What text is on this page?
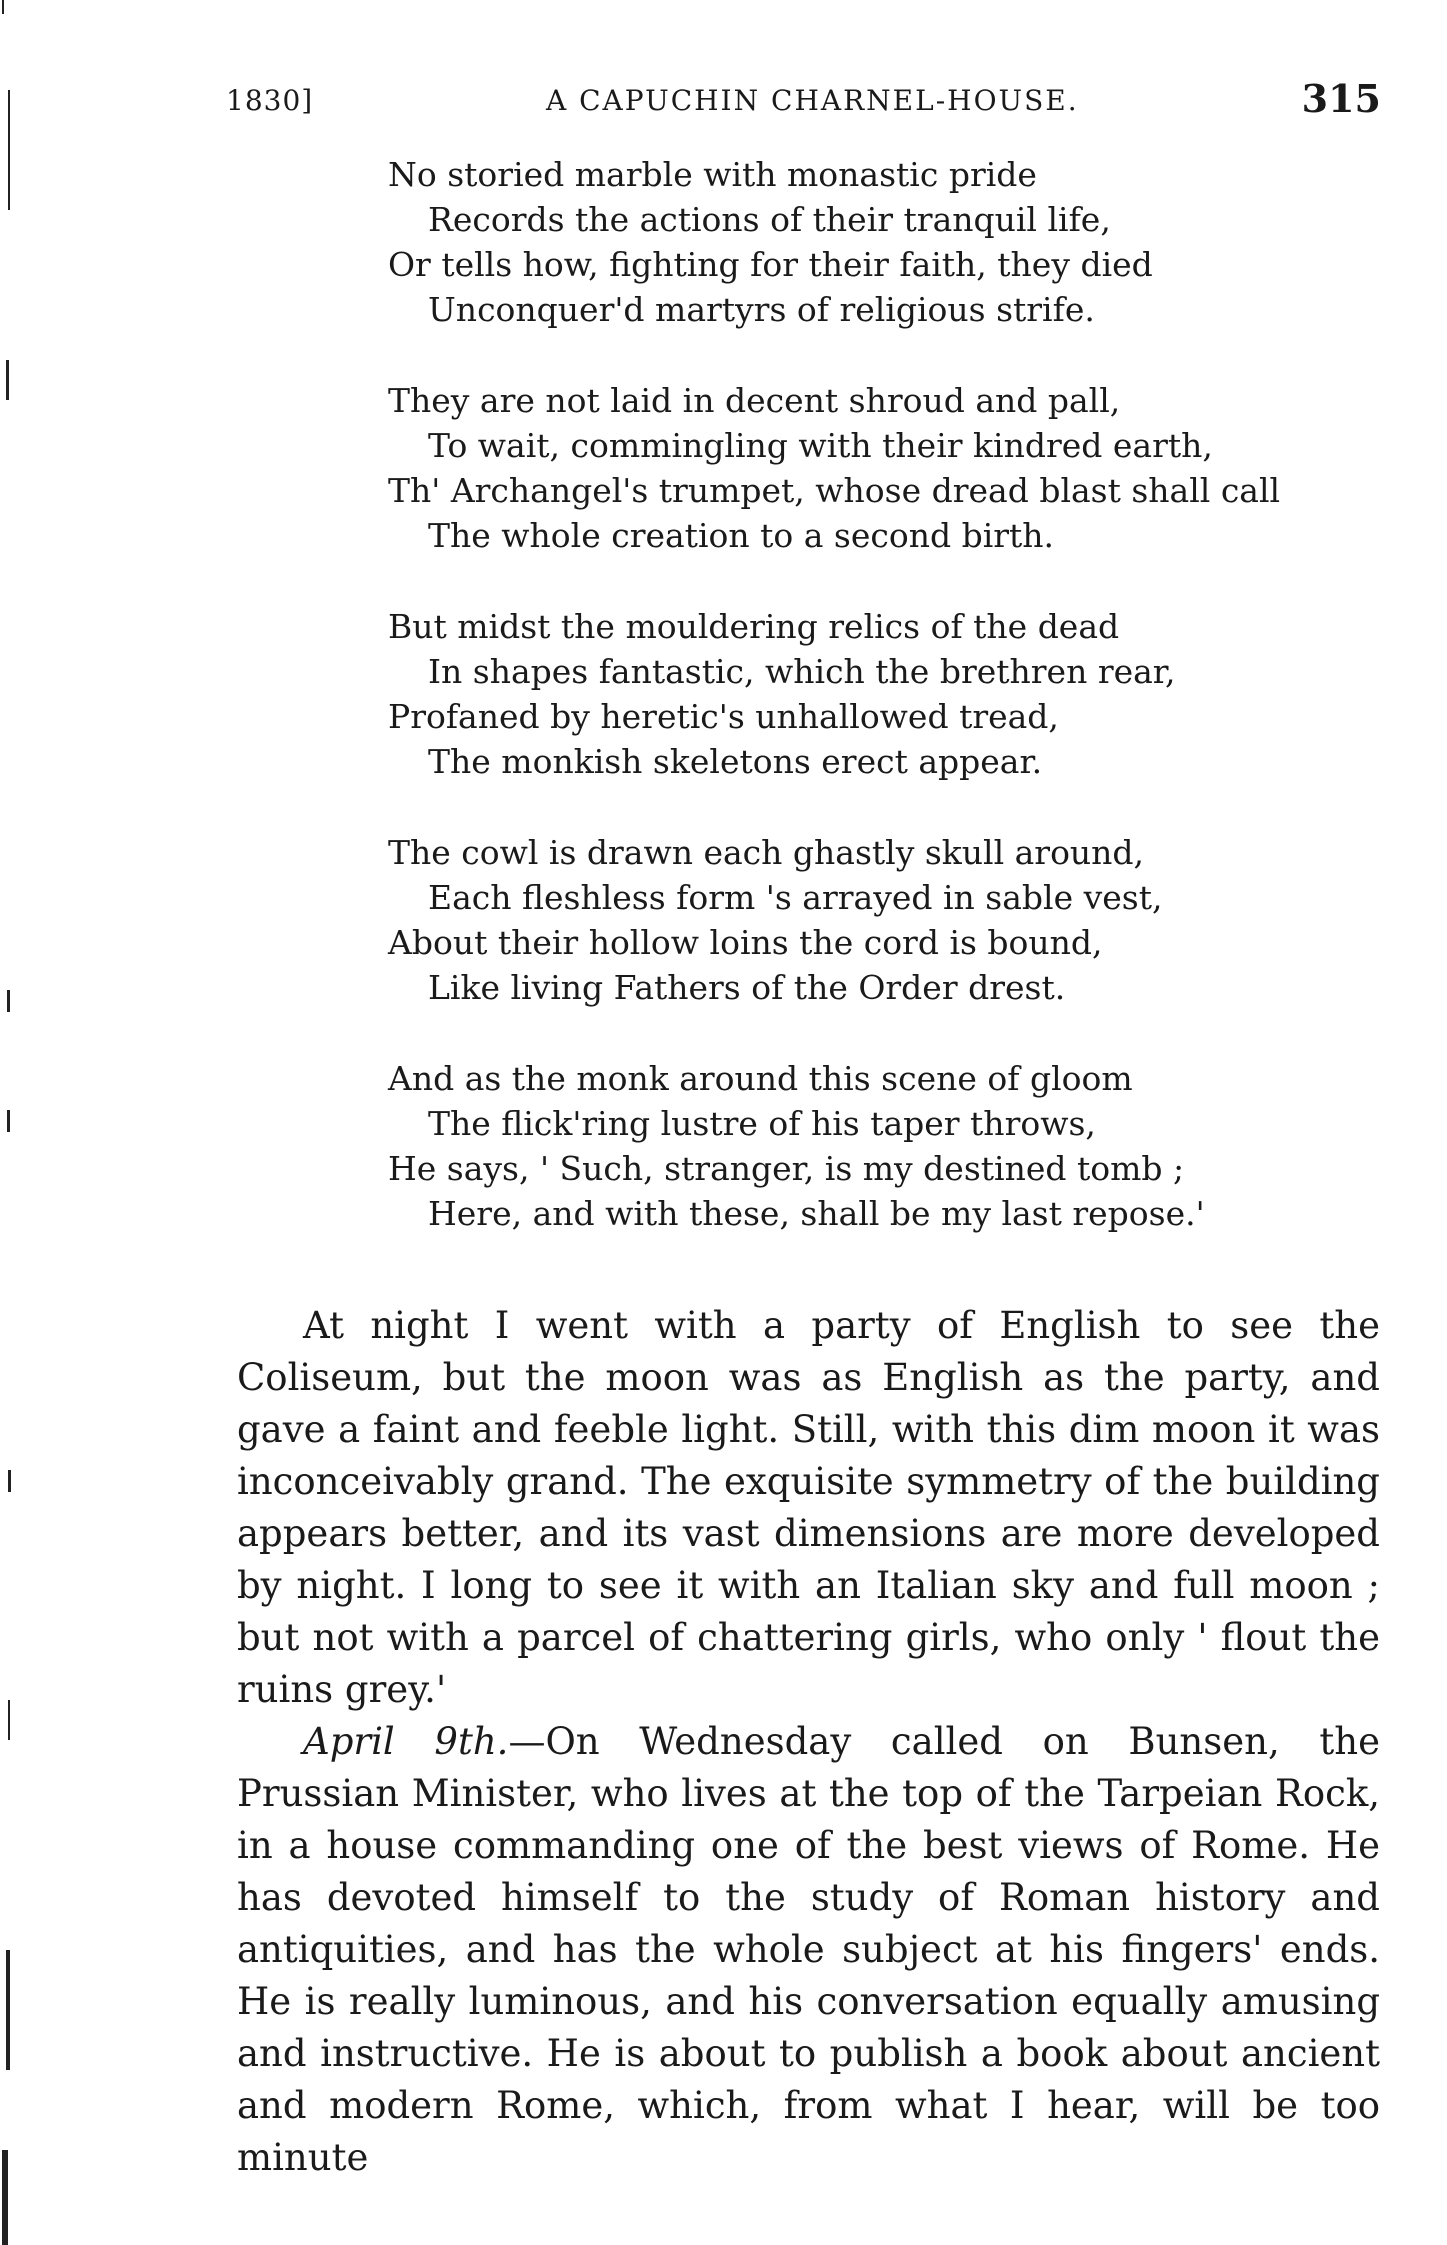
1830]	A CAPUCHIN CHARNEL-HOUSE.	315
No storied marble with monastic pride
Records the actions of their tranquil life,
Or tells how, fighting for their faith, they died
Unconquer'd martyrs of religious strife.
They are not laid in decent shroud and pall,
To wait, commingling with their kindred earth,
Th' Archangel's trumpet, whose dread blast shall call
The whole creation to a second birth.
But midst the mouldering relics of the dead
In shapes fantastic, which the brethren rear,
Profaned by heretic's unhallowed tread,
The monkish skeletons erect appear.
The cowl is drawn each ghastly skull around,
Each fleshless form 's arrayed in sable vest,
About their hollow loins the cord is bound,
Like living Fathers of the Order drest.
And as the monk around this scene of gloom
The flick'ring lustre of his taper throws,
He says, ' Such, stranger, is my destined tomb ;
Here, and with these, shall be my last repose.'

At night I went with a party of English to see the Coliseum, but the moon was as English as the party, and gave a faint and feeble light. Still, with this dim moon it was inconceivably grand. The exquisite symmetry of the building appears better, and its vast dimensions are more developed by night. I long to see it with an Italian sky and full moon ; but not with a parcel of chattering girls, who only ' flout the ruins grey.'

April 9th.—On Wednesday called on Bunsen, the Prussian Minister, who lives at the top of the Tarpeian Rock, in a house commanding one of the best views of Rome. He has devoted himself to the study of Roman history and antiquities, and has the whole subject at his fingers' ends. He is really luminous, and his conversation equally amusing and instructive. He is about to publish a book about ancient and modern Rome, which, from what I hear, will be too minute
